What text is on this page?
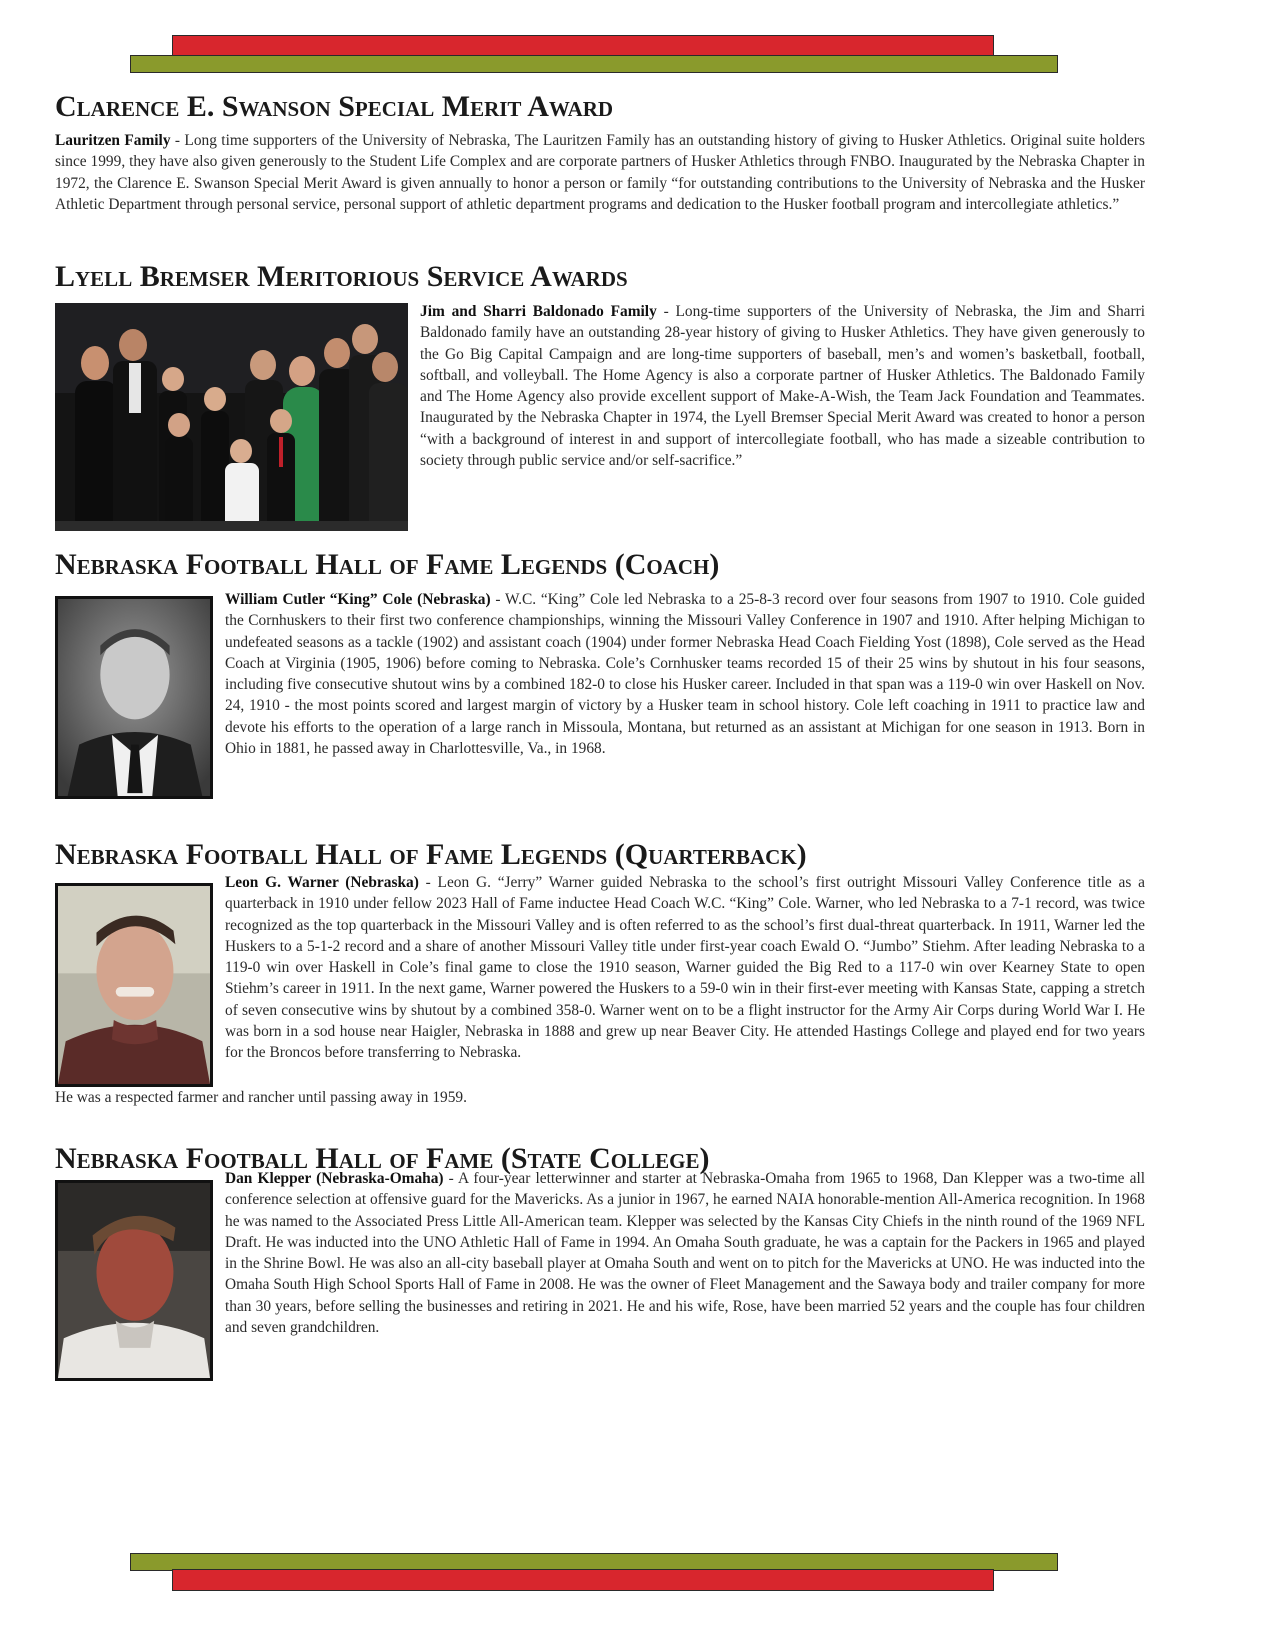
Clarence E. Swanson Special Merit Award

Lauritzen Family - Long time supporters of the University of Nebraska, The Lauritzen Family has an outstanding history of giving to Husker Athletics. Original suite holders since 1999, they have also given generously to the Student Life Complex and are corporate partners of Husker Athletics through FNBO. Inaugurated by the Nebraska Chapter in 1972, the Clarence E. Swanson Special Merit Award is given annually to honor a person or family “for outstanding contributions to the University of Nebraska and the Husker Athletic Department through personal service, personal support of athletic department programs and dedication to the Husker football program and intercollegiate athletics.”

Lyell Bremser Meritorious Service Awards

Jim and Sharri Baldonado Family - Long-time supporters of the University of Nebraska, the Jim and Sharri Baldonado family have an outstanding 28-year history of giving to Husker Athletics. They have given generously to the Go Big Capital Campaign and are long-time supporters of baseball, men’s and women’s basketball, football, softball, and volleyball. The Home Agency is also a corporate partner of Husker Athletics. The Baldonado Family and The Home Agency also provide excellent support of Make-A-Wish, the Team Jack Foundation and Teammates. Inaugurated by the Nebraska Chapter in 1974, the Lyell Bremser Special Merit Award was created to honor a person “with a background of interest in and support of intercollegiate football, who has made a sizeable contribution to society through public service and/or self-sacrifice.”

Nebraska Football Hall of Fame Legends (Coach)

William Cutler “King” Cole (Nebraska) - W.C. “King” Cole led Nebraska to a 25-8-3 record over four seasons from 1907 to 1910. Cole guided the Cornhuskers to their first two conference championships, winning the Missouri Valley Conference in 1907 and 1910. After helping Michigan to undefeated seasons as a tackle (1902) and assistant coach (1904) under former Nebraska Head Coach Fielding Yost (1898), Cole served as the Head Coach at Virginia (1905, 1906) before coming to Nebraska. Cole’s Cornhusker teams recorded 15 of their 25 wins by shutout in his four seasons, including five consecutive shutout wins by a combined 182-0 to close his Husker career. Included in that span was a 119-0 win over Haskell on Nov. 24, 1910 - the most points scored and largest margin of victory by a Husker team in school history. Cole left coaching in 1911 to practice law and devote his efforts to the operation of a large ranch in Missoula, Montana, but returned as an assistant at Michigan for one season in 1913. Born in Ohio in 1881, he passed away in Charlottesville, Va., in 1968.

Nebraska Football Hall of Fame Legends (Quarterback)

Leon G. Warner (Nebraska) - Leon G. “Jerry” Warner guided Nebraska to the school’s first outright Missouri Valley Conference title as a quarterback in 1910 under fellow 2023 Hall of Fame inductee Head Coach W.C. “King” Cole. Warner, who led Nebraska to a 7-1 record, was twice recognized as the top quarterback in the Missouri Valley and is often referred to as the school’s first dual-threat quarterback. In 1911, Warner led the Huskers to a 5-1-2 record and a share of another Missouri Valley title under first-year coach Ewald O. “Jumbo” Stiehm. After leading Nebraska to a 119-0 win over Haskell in Cole’s final game to close the 1910 season, Warner guided the Big Red to a 117-0 win over Kearney State to open Stiehm’s career in 1911. In the next game, Warner powered the Huskers to a 59-0 win in their first-ever meeting with Kansas State, capping a stretch of seven consecutive wins by shutout by a combined 358-0. Warner went on to be a flight instructor for the Army Air Corps during World War I. He was born in a sod house near Haigler, Nebraska in 1888 and grew up near Beaver City. He attended Hastings College and played end for two years for the Broncos before transferring to Nebraska.

He was a respected farmer and rancher until passing away in 1959.

Nebraska Football Hall of Fame (State College)

Dan Klepper (Nebraska-Omaha) - A four-year letterwinner and starter at Nebraska-Omaha from 1965 to 1968, Dan Klepper was a two-time all conference selection at offensive guard for the Mavericks. As a junior in 1967, he earned NAIA honorable-mention All-America recognition. In 1968 he was named to the Associated Press Little All-American team. Klepper was selected by the Kansas City Chiefs in the ninth round of the 1969 NFL Draft. He was inducted into the UNO Athletic Hall of Fame in 1994. An Omaha South graduate, he was a captain for the Packers in 1965 and played in the Shrine Bowl. He was also an all-city baseball player at Omaha South and went on to pitch for the Mavericks at UNO. He was inducted into the Omaha South High School Sports Hall of Fame in 2008. He was the owner of Fleet Management and the Sawaya body and trailer company for more than 30 years, before selling the businesses and retiring in 2021. He and his wife, Rose, have been married 52 years and the couple has four children and seven grandchildren.
